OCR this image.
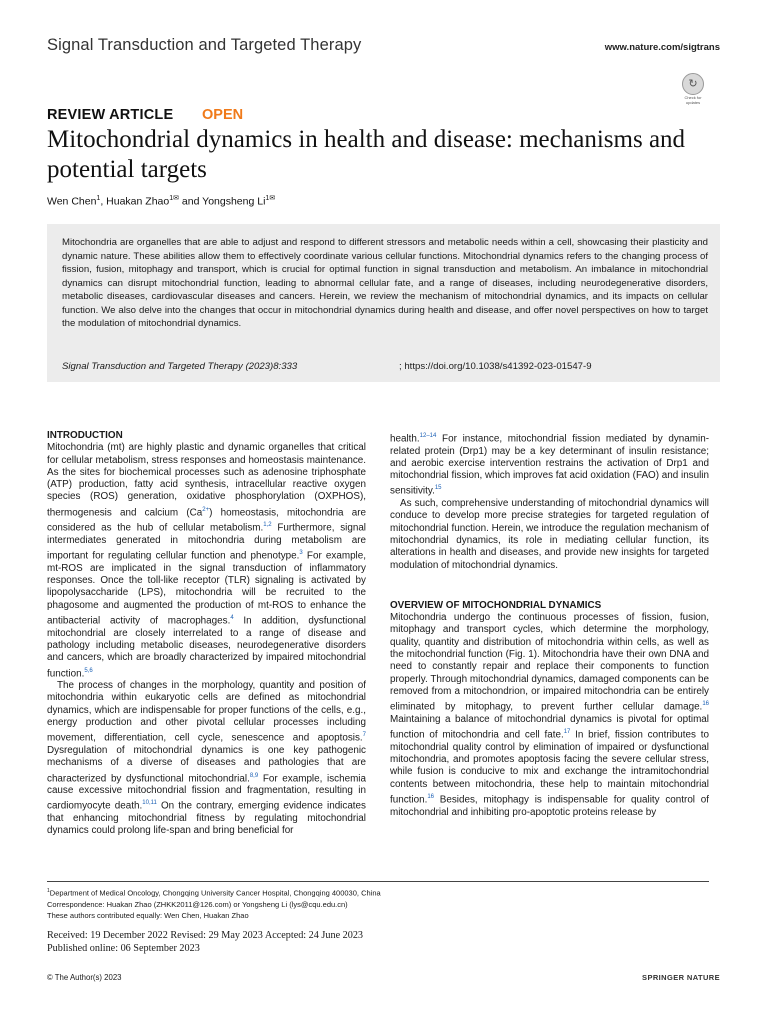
Signal Transduction and Targeted Therapy	www.nature.com/sigtrans
↻
Check for updates
REVIEW ARTICLE OPEN
Mitochondrial dynamics in health and disease: mechanisms and potential targets
Wen Chen$^1$, Huakan Zhao$^{1✉}$ and Yongsheng $Li^{1✉}$
Mitochondria are organelles that are able to adjust and respond to different stressors and metabolic needs within a cell, showcasing their plasticity and dynamic nature. These abilities allow them to effectively coordinate various cellular functions. Mitochondrial dynamics refers to the changing process of fission, fusion, mitophagy and transport, which is crucial for optimal function in signal transduction and metabolism. An imbalance in mitochondrial dynamics can disrupt mitochondrial function, leading to abnormal cellular fate, and a range of diseases, including neurodegenerative disorders, metabolic diseases, cardiovascular diseases and cancers. Herein, we review the mechanism of mitochondrial dynamics, and its impacts on cellular function. We also delve into the changes that occur in mitochondrial dynamics during health and disease, and offer novel perspectives on how to target the modulation of mitochondrial dynamics.
Signal Transduction and Targeted Therapy (2023)8:333	; https://doi.org/10.1038/s41392-023-01547-9
INTRODUCTION

Mitochondria (mt) are highly plastic and dynamic organelles that critical for cellular metabolism, stress responses and homeostasis maintenance. As the sites for biochemical processes such as adenosine triphosphate (ATP) production, fatty acid synthesis, intracellular reactive oxygen species (ROS) generation, oxidative phosphorylation (OXPHOS), thermogenesis and calcium $(Ca^{2+})$ homeostasis, mitochondria are considered as the hub of cellular metabolism.$^{1,2}$ Furthermore, signal intermediates generated in mitochondria during metabolism are important for regulating cellular function and phenotype.$^3$ For example, mt-ROS are implicated in the signal transduction of inflammatory responses. Once the toll-like receptor (TLR) signaling is activated by lipopolysaccharide (LPS), mitochondria will be recruited to the phagosome and augmented the production of mt-ROS to enhance the antibacterial activity of macrophages.$^4$ In addition, dysfunctional mitochondrial are closely interrelated to a range of disease and pathology including metabolic diseases, neurodegenerative disorders and cancers, which are broadly characterized by impaired mitochondrial function.$^{5,6}$

The process of changes in the morphology, quantity and position of mitochondria within eukaryotic cells are defined as mitochondrial dynamics, which are indispensable for proper functions of the cells, e.g., energy production and other pivotal cellular processes including movement, differentiation, cell cycle, senescence and apoptosis.$^7$ Dysregulation of mitochondrial dynamics is one key pathogenic mechanisms of a diverse of diseases and pathologies that are characterized by dysfunctional mitochondrial.$^{8,9}$ For example, ischemia cause excessive mitochondrial fission and fragmentation, resulting in cardiomyocyte death.$^{10,11}$ On the contrary, emerging evidence indicates that enhancing mitochondrial fitness by regulating mitochondrial dynamics could prolong life-span and bring beneficial for

health.$^{12-14}$ For instance, mitochondrial fission mediated by dynamin-related protein (Drp1) may be a key determinant of insulin resistance; and aerobic exercise intervention restrains the activation of Drp1 and mitochondrial fission, which improves fat acid oxidation (FAO) and insulin sensitivity.$^{15}$

As such, comprehensive understanding of mitochondrial dynamics will conduce to develop more precise strategies for targeted regulation of mitochondrial function. Herein, we introduce the regulation mechanism of mitochondrial dynamics, its role in mediating cellular function, its alterations in health and diseases, and provide new insights for targeted modulation of mitochondrial dynamics.

OVERVIEW OF MITOCHONDRIAL DYNAMICS

Mitochondria undergo the continuous processes of fission, fusion, mitophagy and transport cycles, which determine the morphology, quality, quantity and distribution of mitochondria within cells, as well as the mitochondrial function (Fig. 1). Mitochondria have their own DNA and need to constantly repair and replace their components to function properly. Through mitochondrial dynamics, damaged components can be removed from a mitochondrion, or impaired mitochondria can be entirely eliminated by mitophagy, to prevent further cellular damage.$^{16}$ Maintaining a balance of mitochondrial dynamics is pivotal for optimal function of mitochondria and cell fate.$^{17}$ In brief, fission contributes to mitochondrial quality control by elimination of impaired or dysfunctional mitochondria, and promotes apoptosis facing the severe cellular stress, while fusion is conducive to mix and exchange the intramitochondrial contents between mitochondria, these help to maintain mitochondrial function.$^{16}$ Besides, mitophagy is indispensable for quality control of mitochondrial and inhibiting pro-apoptotic proteins release by

$^1$Department of Medical Oncology, Chongqing University Cancer Hospital, Chongqing 400030, China
Correspondence: Huakan Zhao (ZHKK2011@126.com) or Yongsheng Li (lys@cqu.edu.cn)
These authors contributed equally: Wen Chen, Huakan Zhao
Received: 19 December 2022 Revised: 29 May 2023 Accepted: 24 June 2023
Published online: 06 September 2023
© The Author(s) 2023	SPRINGER NATURE
